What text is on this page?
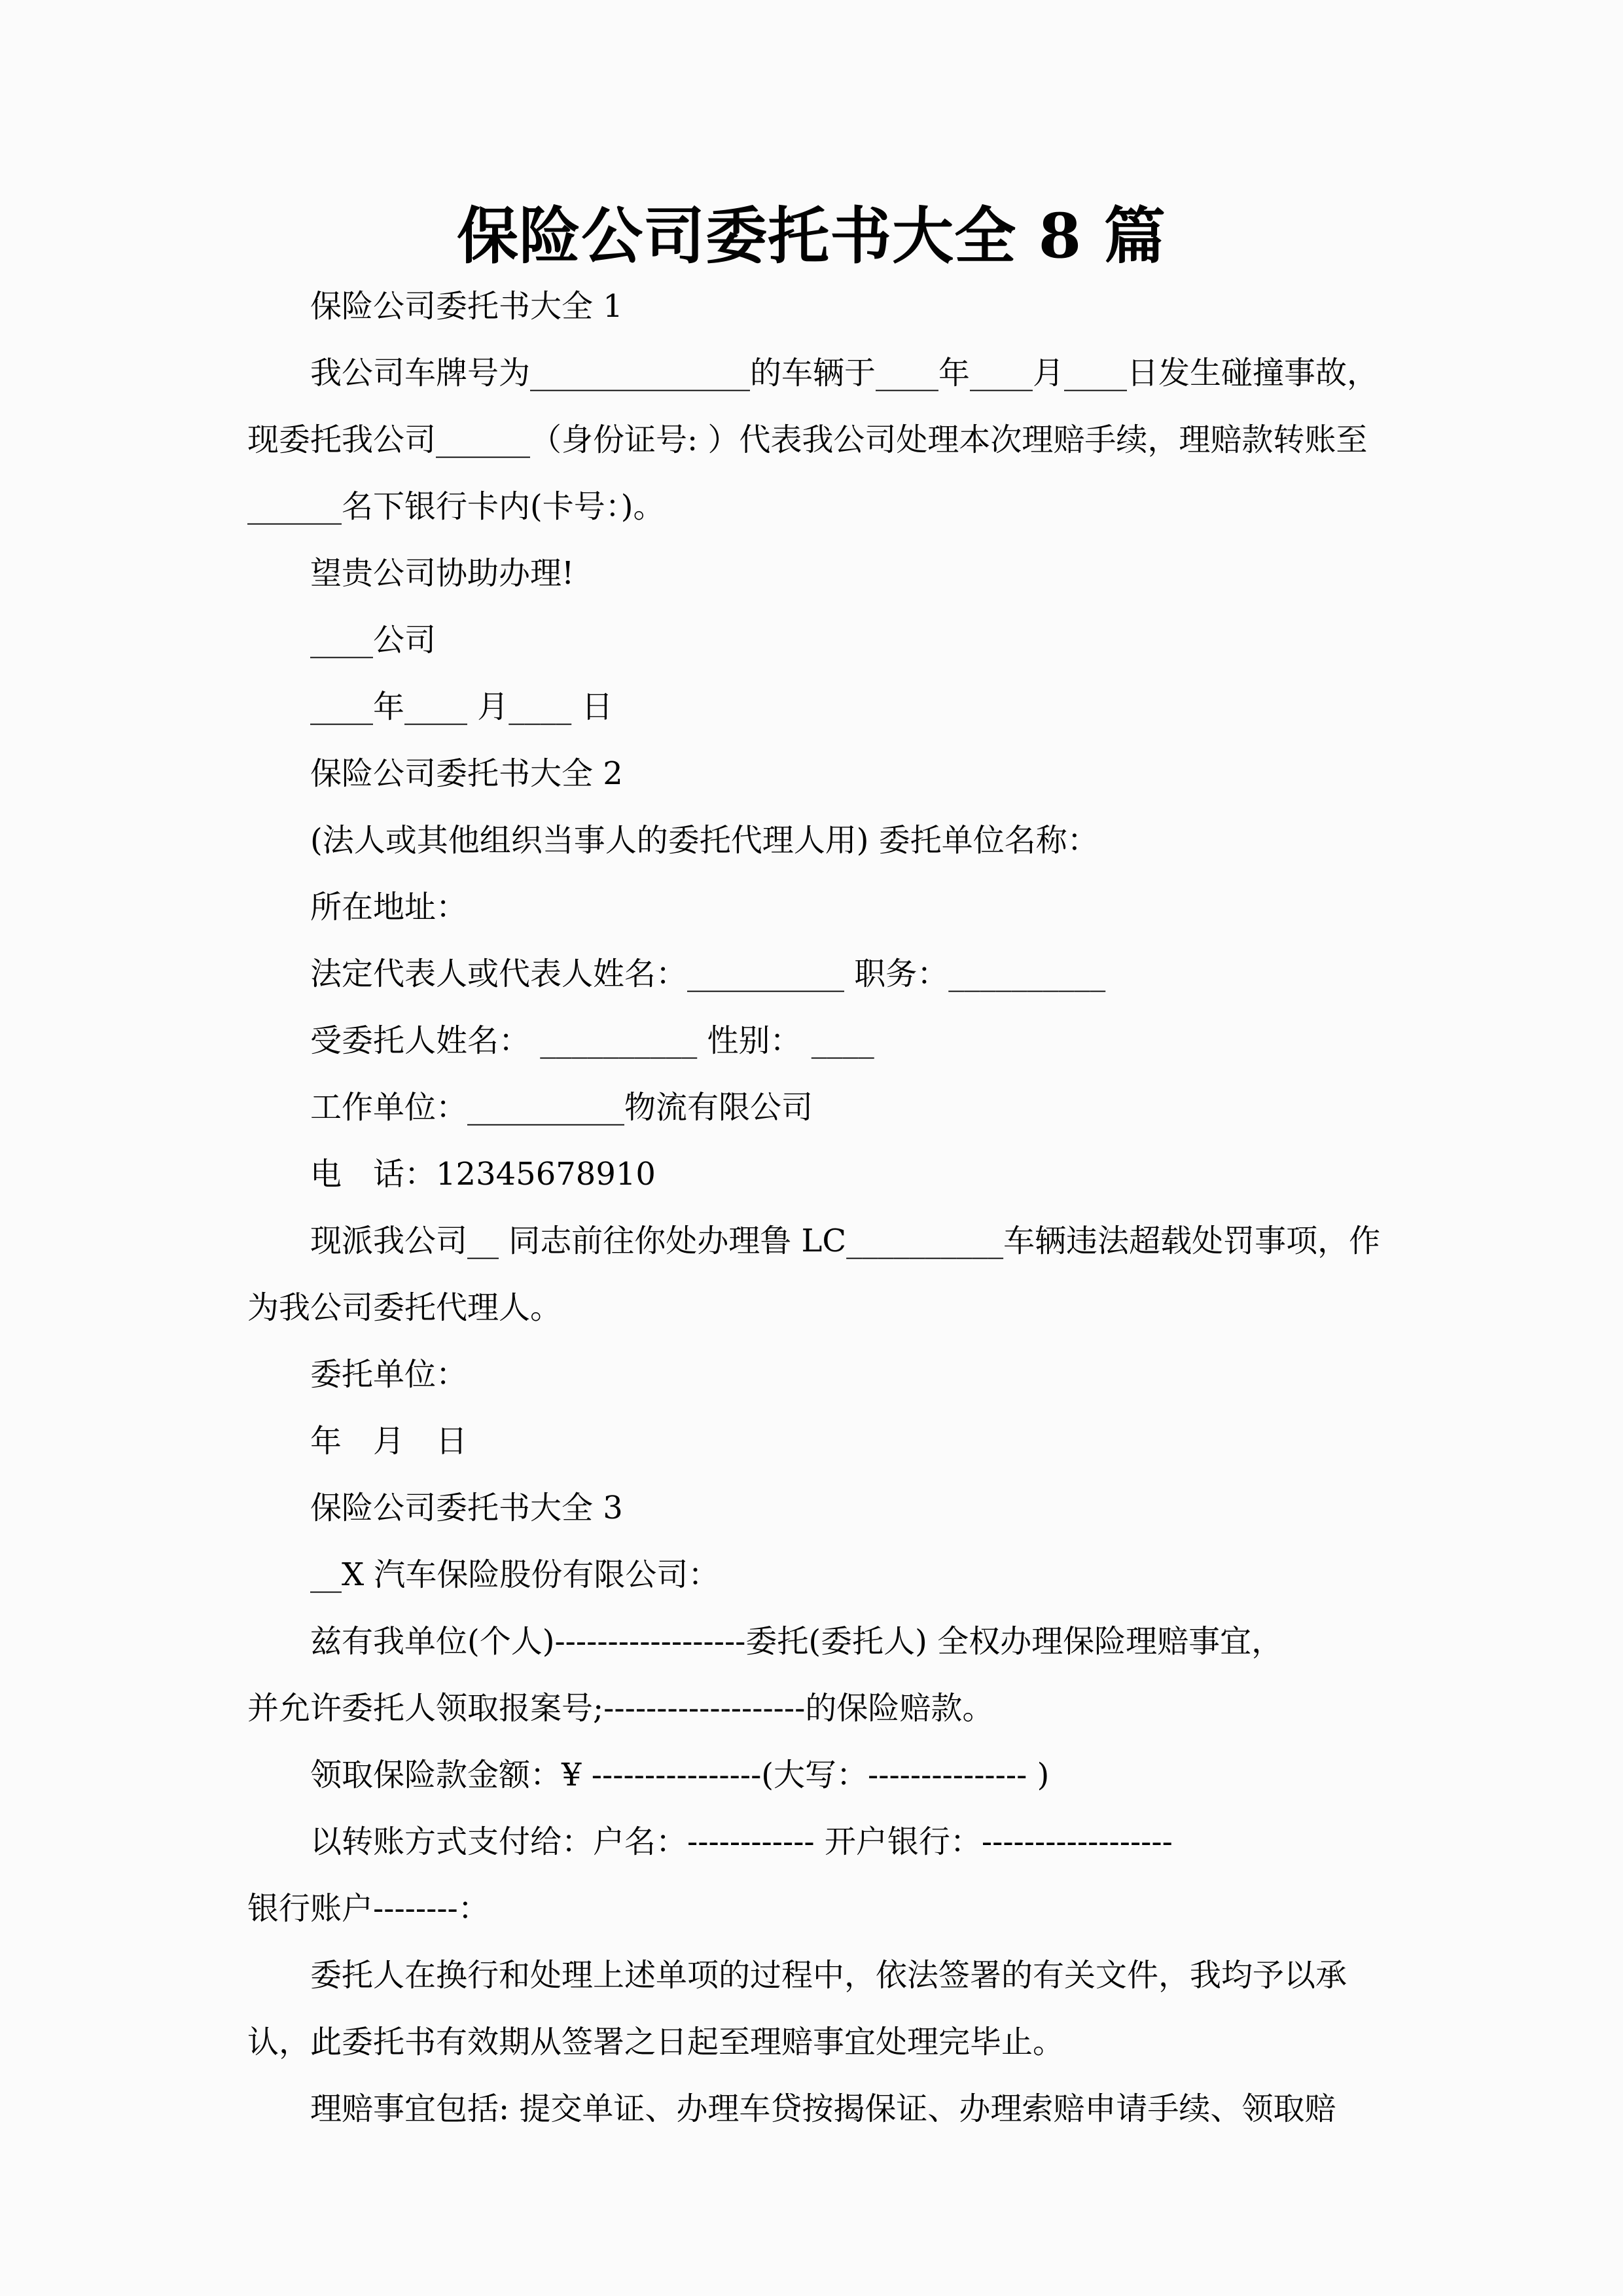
保险公司委托书大全 8 篇
保险公司委托书大全 1
我公司车牌号为______________的车辆于____年____月____日发生碰撞事故，
现委托我公司______（身份证号: ）代表我公司处理本次理赔手续，理赔款转账至
______名下银行卡内(卡号：)。
望贵公司协助办理!
____公司
____年____ 月____ 日
保险公司委托书大全 2
(法人或其他组织当事人的委托代理人用) 委托单位名称：
所在地址：
法定代表人或代表人姓名：__________ 职务：__________
受委托人姓名： __________ 性别： ____
工作单位：__________物流有限公司
电　话：12345678910
现派我公司__ 同志前往你处办理鲁 LC__________车辆违法超载处罚事项，作
为我公司委托代理人。
委托单位：
年　月　日
保险公司委托书大全 3
__X 汽车保险股份有限公司：
兹有我单位(个人)------------------委托(委托人) 全权办理保险理赔事宜，
并允许委托人领取报案号;-------------------的保险赔款。
领取保险款金额：¥ ----------------(大写：--------------- )
以转账方式支付给：户名：------------ 开户银行：------------------
银行账户--------：
委托人在换行和处理上述单项的过程中，依法签署的有关文件，我均予以承
认，此委托书有效期从签署之日起至理赔事宜处理完毕止。
理赔事宜包括: 提交单证、办理车贷按揭保证、办理索赔申请手续、领取赔
